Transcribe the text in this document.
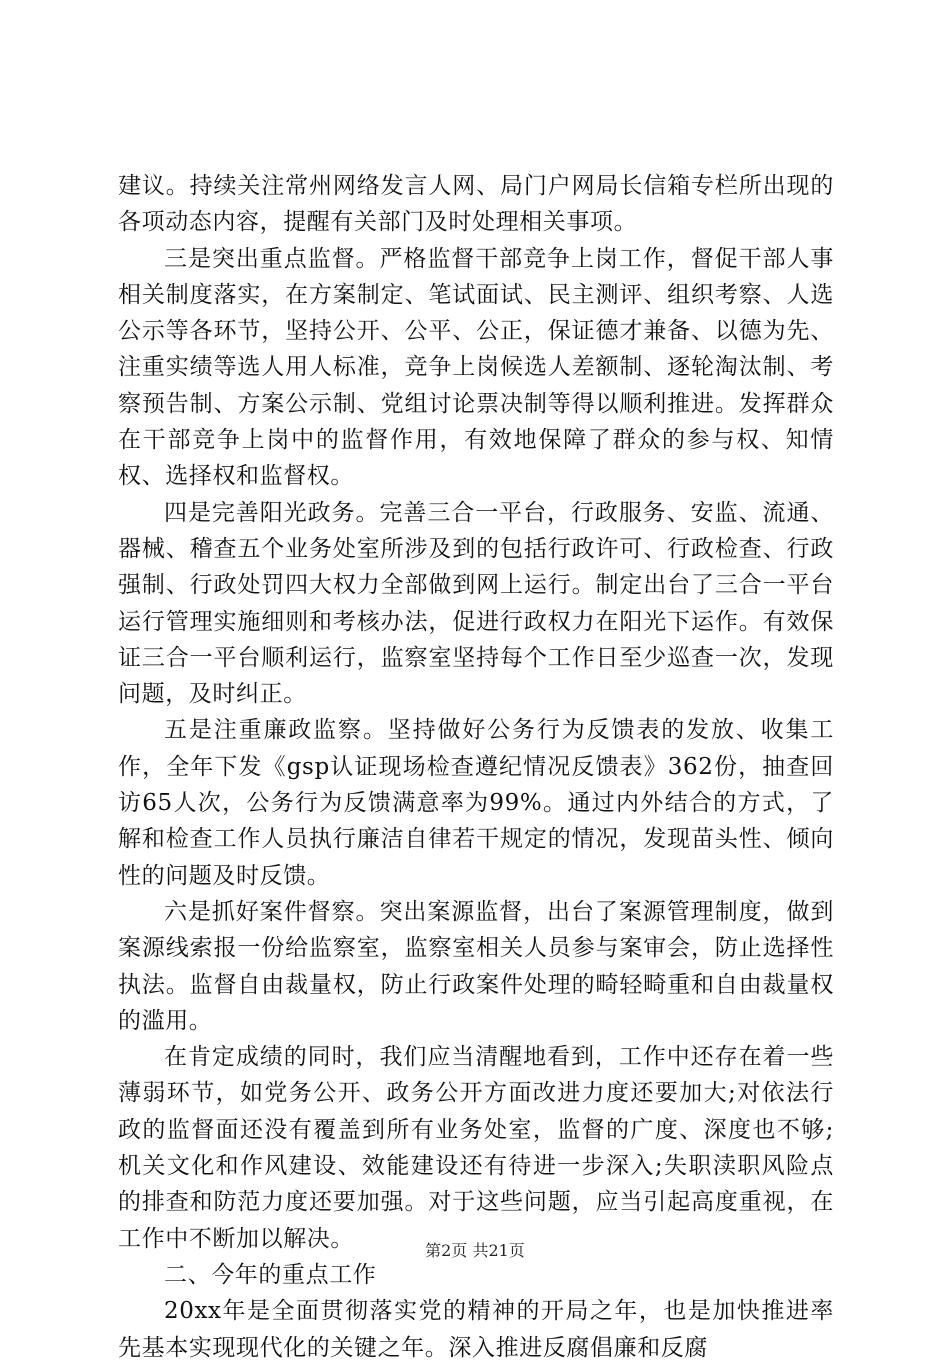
建议。持续关注常州网络发言人网、局门户网局长信箱专栏所出现的各项动态内容，提醒有关部门及时处理相关事项。

三是突出重点监督。严格监督干部竞争上岗工作，督促干部人事相关制度落实，在方案制定、笔试面试、民主测评、组织考察、人选公示等各环节，坚持公开、公平、公正，保证德才兼备、以德为先、注重实绩等选人用人标准，竞争上岗候选人差额制、逐轮淘汰制、考察预告制、方案公示制、党组讨论票决制等得以顺利推进。发挥群众在干部竞争上岗中的监督作用，有效地保障了群众的参与权、知情权、选择权和监督权。

四是完善阳光政务。完善三合一平台，行政服务、安监、流通、器械、稽查五个业务处室所涉及到的包括行政许可、行政检查、行政强制、行政处罚四大权力全部做到网上运行。制定出台了三合一平台运行管理实施细则和考核办法，促进行政权力在阳光下运作。有效保证三合一平台顺利运行，监察室坚持每个工作日至少巡查一次，发现问题，及时纠正。

五是注重廉政监察。坚持做好公务行为反馈表的发放、收集工作，全年下发《gsp认证现场检查遵纪情况反馈表》362份，抽查回访65人次，公务行为反馈满意率为99%。通过内外结合的方式，了解和检查工作人员执行廉洁自律若干规定的情况，发现苗头性、倾向性的问题及时反馈。

六是抓好案件督察。突出案源监督，出台了案源管理制度，做到案源线索报一份给监察室，监察室相关人员参与案审会，防止选择性执法。监督自由裁量权，防止行政案件处理的畸轻畸重和自由裁量权的滥用。

在肯定成绩的同时，我们应当清醒地看到，工作中还存在着一些薄弱环节，如党务公开、政务公开方面改进力度还要加大;对依法行政的监督面还没有覆盖到所有业务处室，监督的广度、深度也不够;机关文化和作风建设、效能建设还有待进一步深入;失职渎职风险点的排查和防范力度还要加强。对于这些问题，应当引起高度重视，在工作中不断加以解决。

二、今年的重点工作

20xx年是全面贯彻落实党的精神的开局之年，也是加快推进率先基本实现现代化的关键之年。深入推进反腐倡廉和反腐

第2页 共21页
